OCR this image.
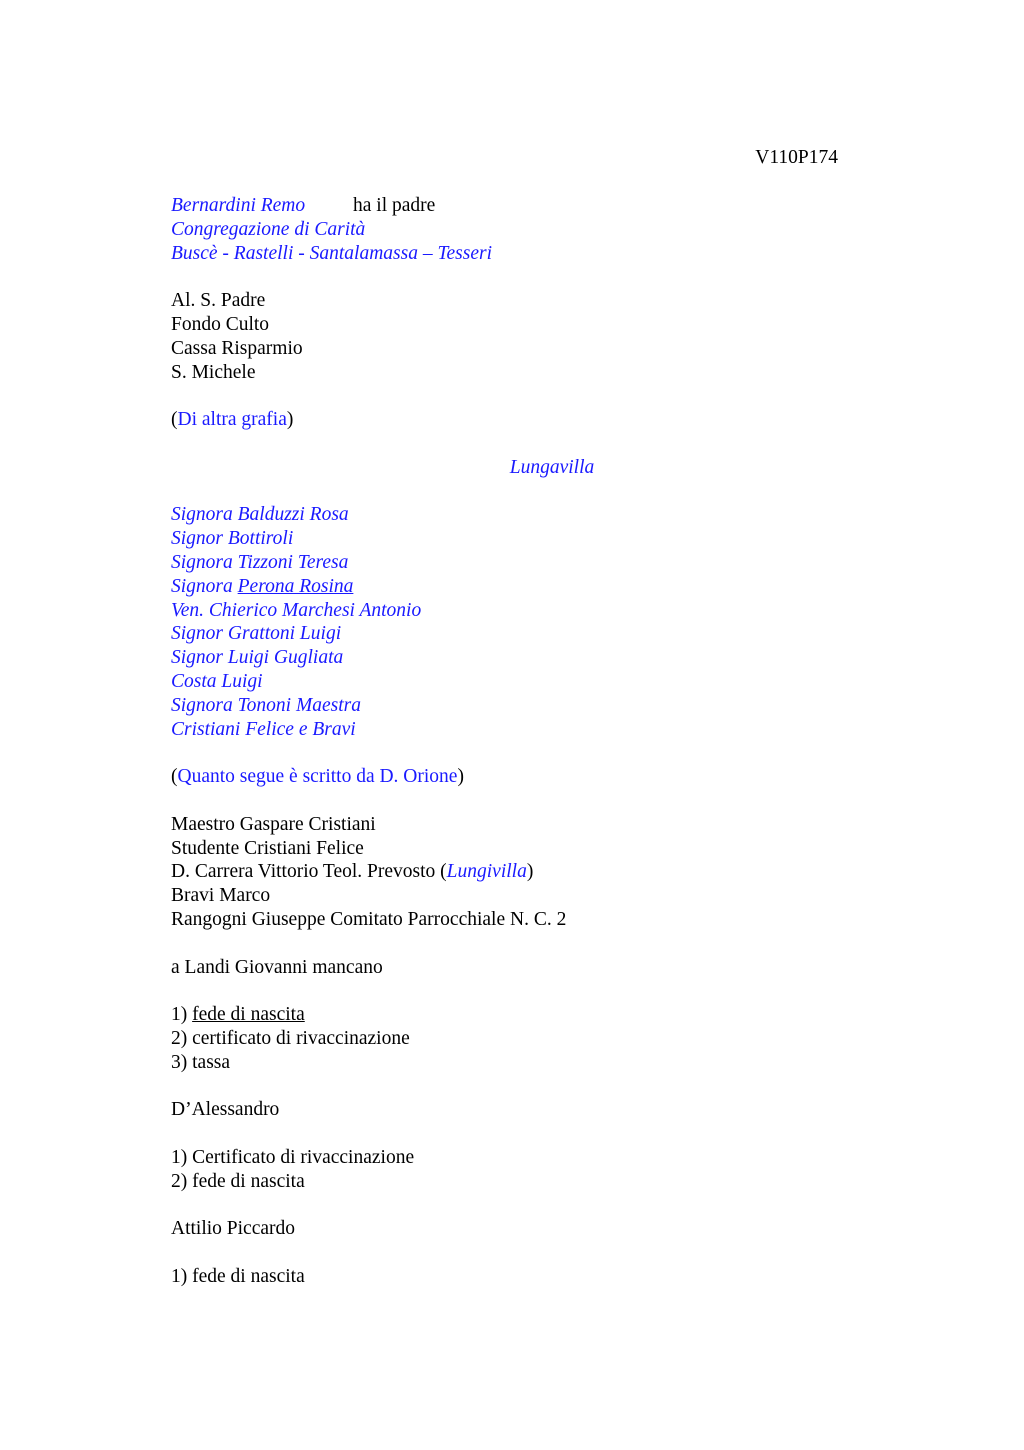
V110P174
Bernardini Remo ha il padre
Congregazione di Carità
Buscè - Rastelli - Santalamassa – Tesseri
Al. S. Padre
Fondo Culto
Cassa Risparmio
S. Michele
(Di altra grafia)
Lungavilla
Signora Balduzzi Rosa
Signor Bottiroli
Signora Tizzoni Teresa
Signora Perona Rosina
Ven. Chierico Marchesi Antonio
Signor Grattoni Luigi
Signor Luigi Gugliata
Costa Luigi
Signora Tononi Maestra
Cristiani Felice e Bravi
(Quanto segue è scritto da D. Orione)
Maestro Gaspare Cristiani
Studente Cristiani Felice
D. Carrera Vittorio Teol. Prevosto (Lungivilla)
Bravi Marco
Rangogni Giuseppe Comitato Parrocchiale N. C. 2
a Landi Giovanni mancano
1) fede di nascita
2) certificato di rivaccinazione
3) tassa
D’Alessandro
1) Certificato di rivaccinazione
2) fede di nascita
Attilio Piccardo
1) fede di nascita
